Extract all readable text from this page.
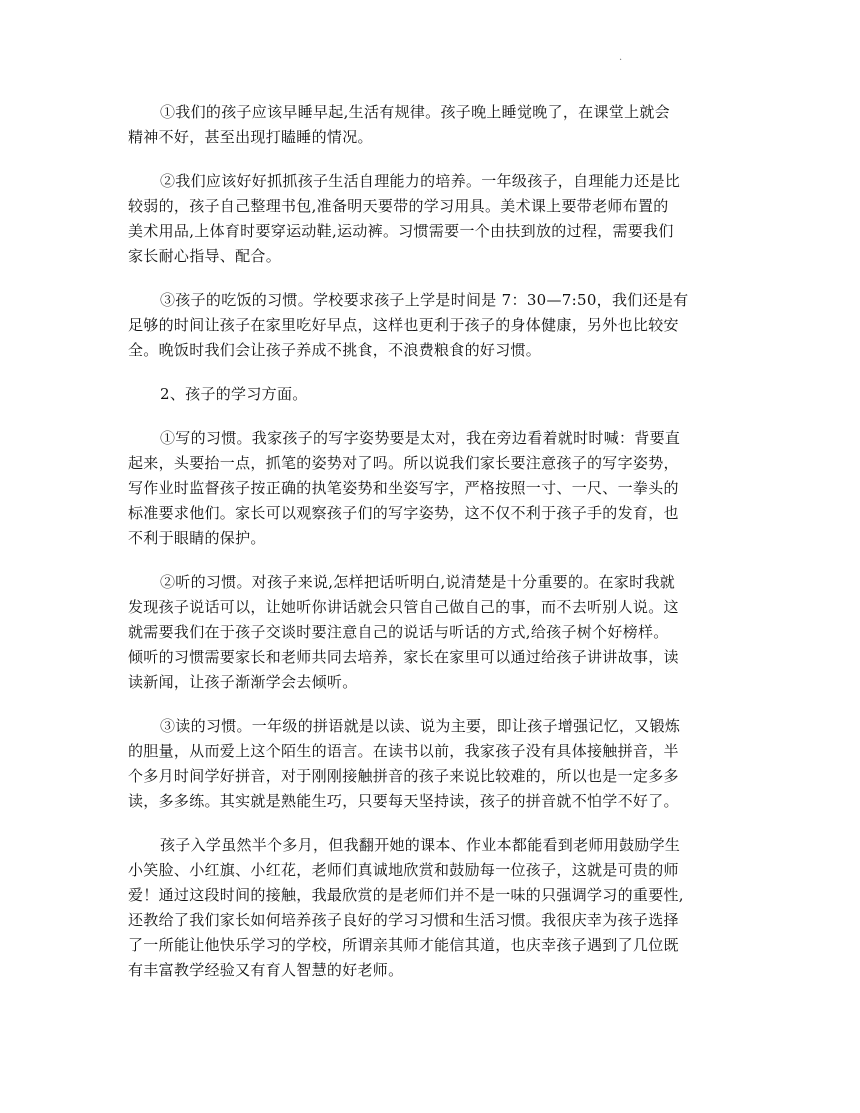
.

①我们的孩子应该早睡早起,生活有规律。孩子晚上睡觉晚了，在课堂上就会
精神不好，甚至出现打瞌睡的情况。

②我们应该好好抓抓孩子生活自理能力的培养。一年级孩子，自理能力还是比
较弱的，孩子自己整理书包,准备明天要带的学习用具。美术课上要带老师布置的
美术用品,上体育时要穿运动鞋,运动裤。习惯需要一个由扶到放的过程，需要我们
家长耐心指导、配合。

③孩子的吃饭的习惯。学校要求孩子上学是时间是 7：30—7:50，我们还是有
足够的时间让孩子在家里吃好早点，这样也更利于孩子的身体健康，另外也比较安
全。晚饭时我们会让孩子养成不挑食，不浪费粮食的好习惯。

2、孩子的学习方面。

①写的习惯。我家孩子的写字姿势要是太对，我在旁边看着就时时喊：背要直
起来，头要抬一点，抓笔的姿势对了吗。所以说我们家长要注意孩子的写字姿势，
写作业时监督孩子按正确的执笔姿势和坐姿写字，严格按照一寸、一尺、一拳头的
标准要求他们。家长可以观察孩子们的写字姿势，这不仅不利于孩子手的发育，也
不利于眼睛的保护。

②听的习惯。对孩子来说,怎样把话听明白,说清楚是十分重要的。在家时我就
发现孩子说话可以，让她听你讲话就会只管自己做自己的事，而不去听别人说。这
就需要我们在于孩子交谈时要注意自己的说话与听话的方式,给孩子树个好榜样。
倾听的习惯需要家长和老师共同去培养，家长在家里可以通过给孩子讲讲故事，读
读新闻，让孩子渐渐学会去倾听。

③读的习惯。一年级的拼语就是以读、说为主要，即让孩子增强记忆，又锻炼
的胆量，从而爱上这个陌生的语言。在读书以前，我家孩子没有具体接触拼音，半
个多月时间学好拼音，对于刚刚接触拼音的孩子来说比较难的，所以也是一定多多
读，多多练。其实就是熟能生巧，只要每天坚持读，孩子的拼音就不怕学不好了。

孩子入学虽然半个多月，但我翻开她的课本、作业本都能看到老师用鼓励学生
小笑脸、小红旗、小红花，老师们真诚地欣赏和鼓励每一位孩子，这就是可贵的师
爱！通过这段时间的接触，我最欣赏的是老师们并不是一味的只强调学习的重要性,
还教给了我们家长如何培养孩子良好的学习习惯和生活习惯。我很庆幸为孩子选择
了一所能让他快乐学习的学校，所谓亲其师才能信其道，也庆幸孩子遇到了几位既
有丰富教学经验又有育人智慧的好老师。
